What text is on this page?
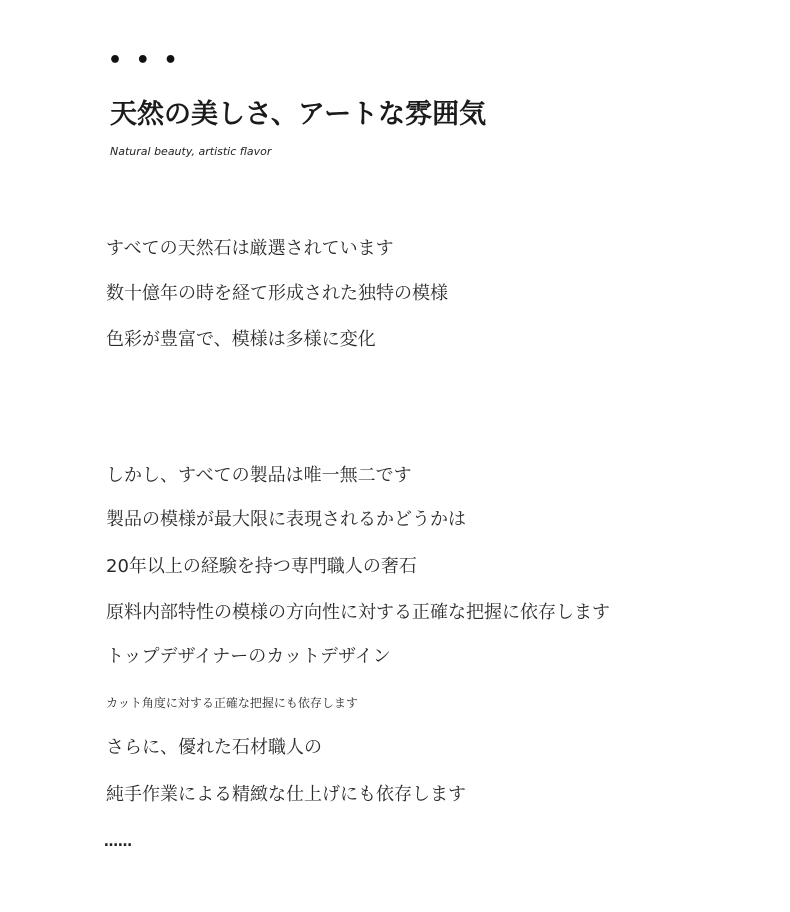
• • •
天然の美しさ、アートな雰囲気
Natural beauty, artistic flavor
すべての天然石は厳選されています
数十億年の時を経て形成された独特の模様
色彩が豊富で、模様は多様に変化
しかし、すべての製品は唯一無二です
製品の模様が最大限に表現されるかどうかは
20年以上の経験を持つ専門職人の奢石
原料内部特性の模様の方向性に対する正確な把握に依存します
トップデザイナーのカットデザイン
カット角度に対する正確な把握にも依存します
さらに、優れた石材職人の
純手作業による精緻な仕上げにも依存します
……
